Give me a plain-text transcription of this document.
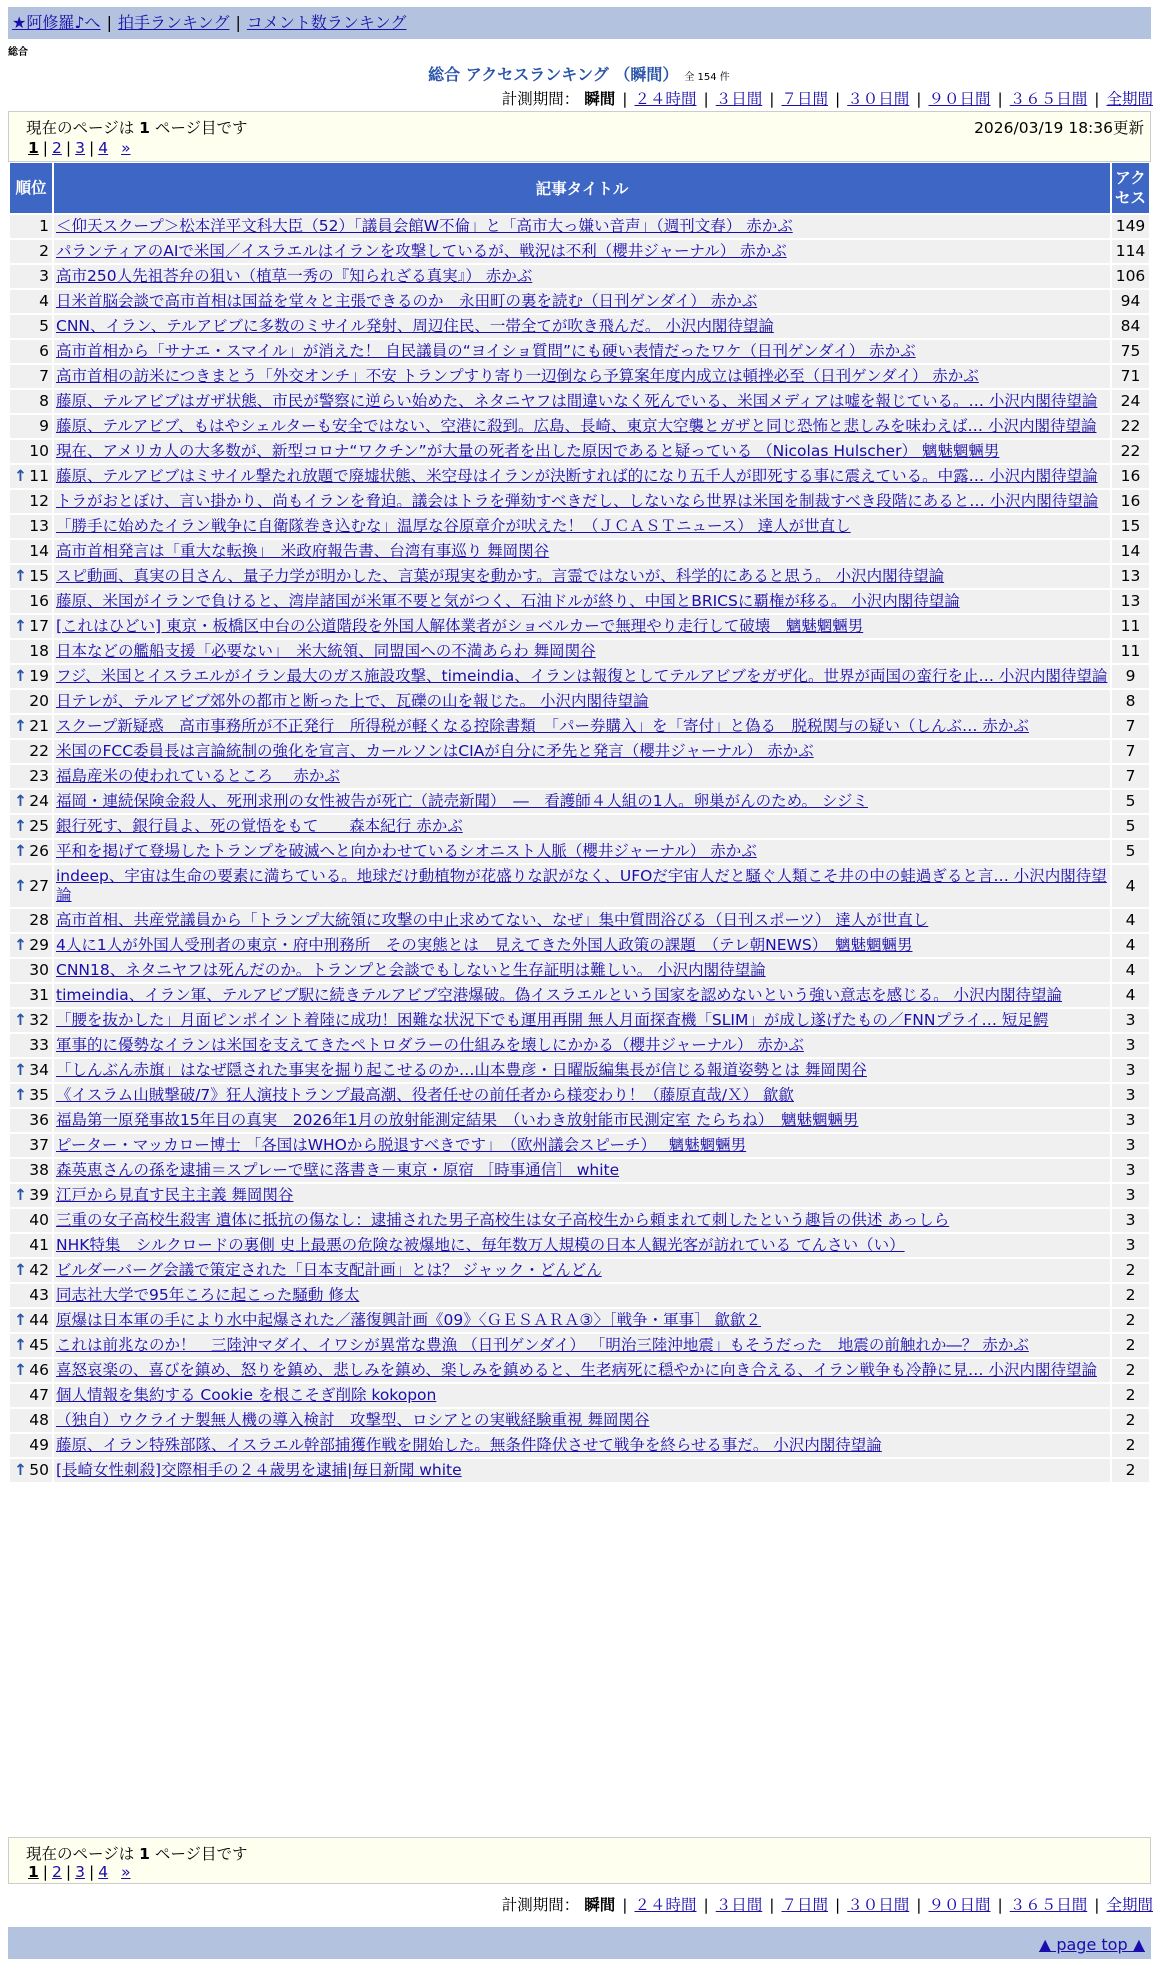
★阿修羅♪へ | 拍手ランキング | コメント数ランキング
総合
総合 アクセスランキング （瞬間） 全 154 件
計測期間： 瞬間 | ２４時間 | ３日間 | ７日間 | ３０日間 | ９０日間 | ３６５日間 | 全期間
現在のページは 1 ページ目です	2026/03/19 18:36更新
1 | 2 | 3 | 4 »
順位	記事タイトル	アクセス
1	＜仰天スクープ＞松本洋平文科大臣（52）「議員会館W不倫」と「高市大っ嫌い音声」（週刊文春） 赤かぶ	149
2	パランティアのAIで米国／イスラエルはイランを攻撃しているが、戦況は不利（櫻井ジャーナル） 赤かぶ	114
3	高市250人先祖荅弁の狙い（植草一秀の『知られざる真実』） 赤かぶ	106
4	日米首脳会談で高市首相は国益を堂々と主張できるのか　永田町の裏を読む（日刊ゲンダイ） 赤かぶ	94
5	CNN、イラン、テルアビブに多数のミサイル発射、周辺住民、一帯全てが吹き飛んだ。 小沢内閣待望論	84
6	高市首相から「サナエ・スマイル」が消えた！ 自民議員の“ヨイショ質問”にも硬い表情だったワケ（日刊ゲンダイ） 赤かぶ	75
7	高市首相の訪米につきまとう「外交オンチ」不安 トランプすり寄り一辺倒なら予算案年度内成立は頓挫必至（日刊ゲンダイ） 赤かぶ	71
8	藤原、テルアビブはガザ状態、市民が警察に逆らい始めた、ネタニヤフは間違いなく死んでいる、米国メディアは嘘を報じている。… 小沢内閣待望論	24
9	藤原、テルアビブ、もはやシェルターも安全ではない、空港に殺到。広島、長崎、東京大空襲とガザと同じ恐怖と悲しみを味わえば… 小沢内閣待望論	22
10	現在、アメリカ人の大多数が、新型コロナ“ワクチン”が大量の死者を出した原因であると疑っている （Nicolas Hulscher） 魑魅魍魎男	22

↑ 11	藤原、テルアビブはミサイル撃たれ放題で廃墟状態、米空母はイランが決断すれば的になり五千人が即死する事に震えている。中露… 小沢内閣待望論	16
12	トラがおとぼけ、言い掛かり、尚もイランを脅迫。議会はトラを弾劾すべきだし、しないなら世界は米国を制裁すべき段階にあると… 小沢内閣待望論	16
13	「勝手に始めたイラン戦争に自衛隊巻き込むな」温厚な谷原章介が吠えた！（ＪＣＡＳＴニュース） 達人が世直し	15
14	高市首相発言は「重大な転換」　米政府報告書、台湾有事巡り 舞岡関谷	14

↑ 15	スピ動画、真実の目さん、量子力学が明かした、言葉が現実を動かす。言霊ではないが、科学的にあると思う。 小沢内閣待望論	13
16	藤原、米国がイランで負けると、湾岸諸国が米軍不要と気がつく、石油ドルが終り、中国とBRICSに覇権が移る。 小沢内閣待望論	13

↑ 17	[これはひどい] 東京・板橋区中台の公道階段を外国人解体業者がショベルカーで無理やり走行して破壊　魑魅魍魎男	11
18	日本などの艦船支援「必要ない」　米大統領、同盟国への不満あらわ 舞岡関谷	11

↑ 19	フジ、米国とイスラエルがイラン最大のガス施設攻撃、timeindia、イランは報復としてテルアビブをガザ化。世界が両国の蛮行を止… 小沢内閣待望論	9
20	日テレが、テルアビブ郊外の都市と断った上で、瓦礫の山を報じた。 小沢内閣待望論	8

↑ 21	スクープ新疑惑　高市事務所が不正発行　所得税が軽くなる控除書類　「パー券購入」を「寄付」と偽る　脱税関与の疑い（しんぶ… 赤かぶ	7
22	米国のFCC委員長は言論統制の強化を宣言、カールソンはCIAが自分に矛先と発言（櫻井ジャーナル） 赤かぶ	7
23	福島産米の使われているところ　 赤かぶ	7

↑ 24	福岡・連続保険金殺人、死刑求刑の女性被告が死亡（読売新聞）　―　看護師４人組の1人。卵巣がんのため。 シジミ	5

↑ 25	銀行死す、銀行員よ、死の覚悟をもて　　森本紀行 赤かぶ	5

↑ 26	平和を掲げて登場したトランプを破滅へと向かわせているシオニスト人脈（櫻井ジャーナル） 赤かぶ	5

↑ 27	indeep、宇宙は生命の要素に満ちている。地球だけ動植物が花盛りな訳がなく、UFOだ宇宙人だと騒ぐ人類こそ井の中の蛙過ぎると言… 小沢内閣待望論	4
28	高市首相、共産党議員から「トランプ大統領に攻撃の中止求めてない、なぜ」集中質問浴びる（日刊スポーツ） 達人が世直し	4

↑ 29	4人に1人が外国人受刑者の東京・府中刑務所　その実態とは　見えてきた外国人政策の課題　（テレ朝NEWS）　魑魅魍魎男	4
30	CNN18、ネタニヤフは死んだのか。トランプと会談でもしないと生存証明は難しい。 小沢内閣待望論	4
31	timeindia、イラン軍、テルアビブ駅に続きテルアビブ空港爆破。偽イスラエルという国家を認めないという強い意志を感じる。 小沢内閣待望論	4

↑ 32	「腰を抜かした」月面ピンポイント着陸に成功！困難な状況下でも運用再開 無人月面探査機「SLIM」が成し遂げたもの／FNNプライ… 短足鰐	3
33	軍事的に優勢なイランは米国を支えてきたペトロダラーの仕組みを壊しにかかる（櫻井ジャーナル） 赤かぶ	3

↑ 34	「しんぶん赤旗」はなぜ隠された事実を掘り起こせるのか…山本豊彦・日曜版編集長が信じる報道姿勢とは 舞岡関谷	3

↑ 35	《イスラム山賊撃破/7》狂人演技トランプ最高潮、役者任せの前任者から様変わり！（藤原直哉/Ｘ） 歙歙	3
36	福島第一原発事故15年目の真実　2026年1月の放射能測定結果　（いわき放射能市民測定室 たらちね）　魑魅魍魎男	3
37	ピーター・マッカロー博士 「各国はWHOから脱退すべきです」　（欧州議会スピーチ）　 魑魅魍魎男	3
38	森英恵さんの孫を逮捕＝スプレーで壁に落書き－東京・原宿 ［時事通信］ white	3

↑ 39	江戸から見直す民主主義 舞岡関谷	3
40	三重の女子高校生殺害 遺体に抵抗の傷なし：逮捕された男子高校生は女子高校生から頼まれて刺したという趣旨の供述 あっしら	3
41	NHK特集　シルクロードの裏側 史上最悪の危険な被爆地に、毎年数万人規模の日本人観光客が訪れている てんさい（い）	3

↑ 42	ビルダーバーグ会議で策定された「日本支配計画」とは？ ジャック・どんどん	2
43	同志社大学で95年ころに起こった騒動 修太	2

↑ 44	原爆は日本軍の手により水中起爆された／藩復興計画《09》〈ＧＥＳＡＲＡ③〉［戦争・軍事］ 歙歙２	2

↑ 45	これは前兆なのか！　三陸沖マダイ、イワシが異常な豊漁 （日刊ゲンダイ） 「明治三陸沖地震」もそうだった　地震の前触れか―？ 赤かぶ	2

↑ 46	喜怒哀楽の、喜びを鎮め、怒りを鎮め、悲しみを鎮め、楽しみを鎮めると、生老病死に穏やかに向き合える、イラン戦争も冷静に見… 小沢内閣待望論	2
47	個人情報を集約する Cookie を根こそぎ削除 kokopon	2
48	（独自）ウクライナ製無人機の導入検討　攻撃型、ロシアとの実戦経験重視 舞岡関谷	2
49	藤原、イラン特殊部隊、イスラエル幹部捕獲作戦を開始した。無条件降伏させて戦争を終らせる事だ。 小沢内閣待望論	2

↑ 50	[長崎女性刺殺]交際相手の２４歳男を逮捕|毎日新聞 white	2
現在のページは 1 ページ目です
1 | 2 | 3 | 4 »
計測期間： 瞬間 | ２４時間 | ３日間 | ７日間 | ３０日間 | ９０日間 | ３６５日間 | 全期間
▲ page top ▲
